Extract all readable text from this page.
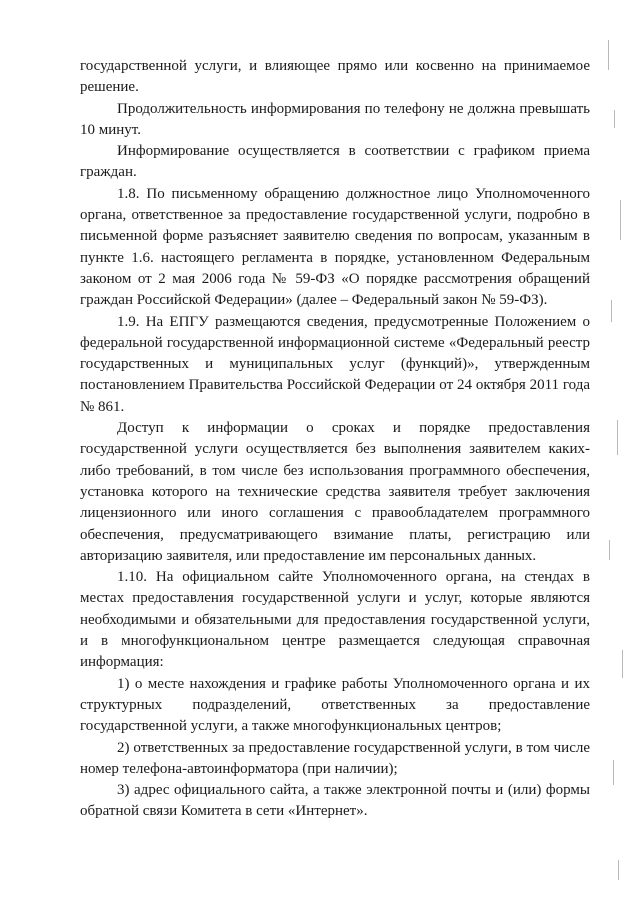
государственной услуги, и влияющее прямо или косвенно на принимаемое решение.

Продолжительность информирования по телефону не должна превышать 10 минут.

Информирование осуществляется в соответствии с графиком приема граждан.

1.8. По письменному обращению должностное лицо Уполномоченного органа, ответственное за предоставление государственной услуги, подробно в письменной форме разъясняет заявителю сведения по вопросам, указанным в пункте 1.6. настоящего регламента в порядке, установленном Федеральным законом от 2 мая 2006 года № 59-ФЗ «О порядке рассмотрения обращений граждан Российской Федерации» (далее – Федеральный закон № 59-ФЗ).

1.9. На ЕПГУ размещаются сведения, предусмотренные Положением о федеральной государственной информационной системе «Федеральный реестр государственных и муниципальных услуг (функций)», утвержденным постановлением Правительства Российской Федерации от 24 октября 2011 года № 861.

Доступ к информации о сроках и порядке предоставления государственной услуги осуществляется без выполнения заявителем каких-либо требований, в том числе без использования программного обеспечения, установка которого на технические средства заявителя требует заключения лицензионного или иного соглашения с правообладателем программного обеспечения, предусматривающего взимание платы, регистрацию или авторизацию заявителя, или предоставление им персональных данных.

1.10. На официальном сайте Уполномоченного органа, на стендах в местах предоставления государственной услуги и услуг, которые являются необходимыми и обязательными для предоставления государственной услуги, и в многофункциональном центре размещается следующая справочная информация:

1) о месте нахождения и графике работы Уполномоченного органа и их структурных подразделений, ответственных за предоставление государственной услуги, а также многофункциональных центров;

2) ответственных за предоставление государственной услуги, в том числе номер телефона-автоинформатора (при наличии);

3) адрес официального сайта, а также электронной почты и (или) формы обратной связи Комитета в сети «Интернет».
